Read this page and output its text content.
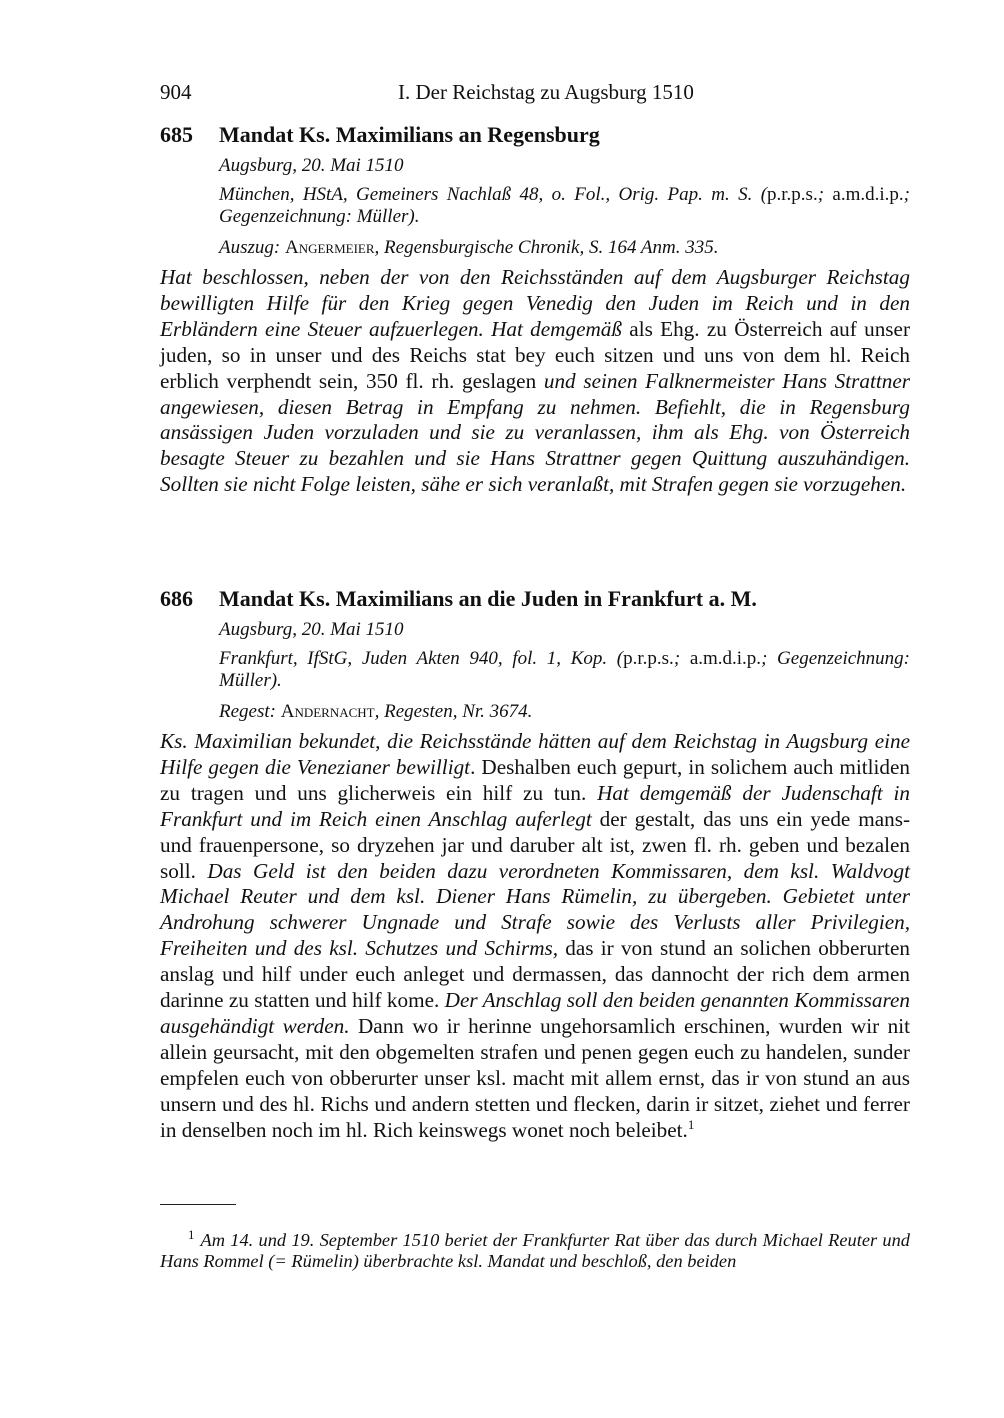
904	I. Der Reichstag zu Augsburg 1510
685 Mandat Ks. Maximilians an Regensburg

Augsburg, 20. Mai 1510

München, HStA, Gemeiners Nachlaß 48, o. Fol., Orig. Pap. m. S. (p.r.p.s.; a.m.d.i.p.; Gegenzeichnung: Müller).

Auszug: Angermeier, Regensburgische Chronik, S. 164 Anm. 335.

Hat beschlossen, neben der von den Reichsständen auf dem Augsburger Reichstag bewilligten Hilfe für den Krieg gegen Venedig den Juden im Reich und in den Erbländern eine Steuer aufzuerlegen. Hat demgemäß als Ehg. zu Österreich auf unser juden, so in unser und des Reichs stat bey euch sitzen und uns von dem hl. Reich erblich verphendt sein, 350 fl. rh. geslagen und seinen Falknermeister Hans Strattner angewiesen, diesen Betrag in Empfang zu nehmen. Befiehlt, die in Regensburg ansässigen Juden vorzuladen und sie zu veranlassen, ihm als Ehg. von Österreich besagte Steuer zu bezahlen und sie Hans Strattner gegen Quittung auszuhändigen. Sollten sie nicht Folge leisten, sähe er sich veranlaßt, mit Strafen gegen sie vorzugehen.

686 Mandat Ks. Maximilians an die Juden in Frankfurt a. M.

Augsburg, 20. Mai 1510

Frankfurt, IfStG, Juden Akten 940, fol. 1, Kop. (p.r.p.s.; a.m.d.i.p.; Gegenzeichnung: Müller).

Regest: Andernacht, Regesten, Nr. 3674.

Ks. Maximilian bekundet, die Reichsstände hätten auf dem Reichstag in Augsburg eine Hilfe gegen die Venezianer bewilligt. Deshalben euch gepurt, in solichem auch mitliden zu tragen und uns glicherweis ein hilf zu tun. Hat demgemäß der Judenschaft in Frankfurt und im Reich einen Anschlag auferlegt der gestalt, das uns ein yede mans- und frauenpersone, so dryzehen jar und daruber alt ist, zwen fl. rh. geben und bezalen soll. Das Geld ist den beiden dazu verordneten Kommissaren, dem ksl. Waldvogt Michael Reuter und dem ksl. Diener Hans Rümelin, zu übergeben. Gebietet unter Androhung schwerer Ungnade und Strafe sowie des Verlusts aller Privilegien, Freiheiten und des ksl. Schutzes und Schirms, das ir von stund an solichen obberurten anslag und hilf under euch anleget und dermassen, das dannocht der rich dem armen darinne zu statten und hilf kome. Der Anschlag soll den beiden genannten Kommissaren ausgehändigt werden. Dann wo ir herinne ungehorsamlich erschinen, wurden wir nit allein geursacht, mit den obgemelten strafen und penen gegen euch zu handelen, sunder empfelen euch von obberurter unser ksl. macht mit allem ernst, das ir von stund an aus unsern und des hl. Richs und andern stetten und flecken, darin ir sitzet, ziehet und ferrer in denselben noch im hl. Rich keinswegs wonet noch beleibet.$^1$

$^1$ Am 14. und 19. September 1510 beriet der Frankfurter Rat über das durch Michael Reuter und Hans Rommel (= Rümelin) überbrachte ksl. Mandat und beschloß, den beiden
